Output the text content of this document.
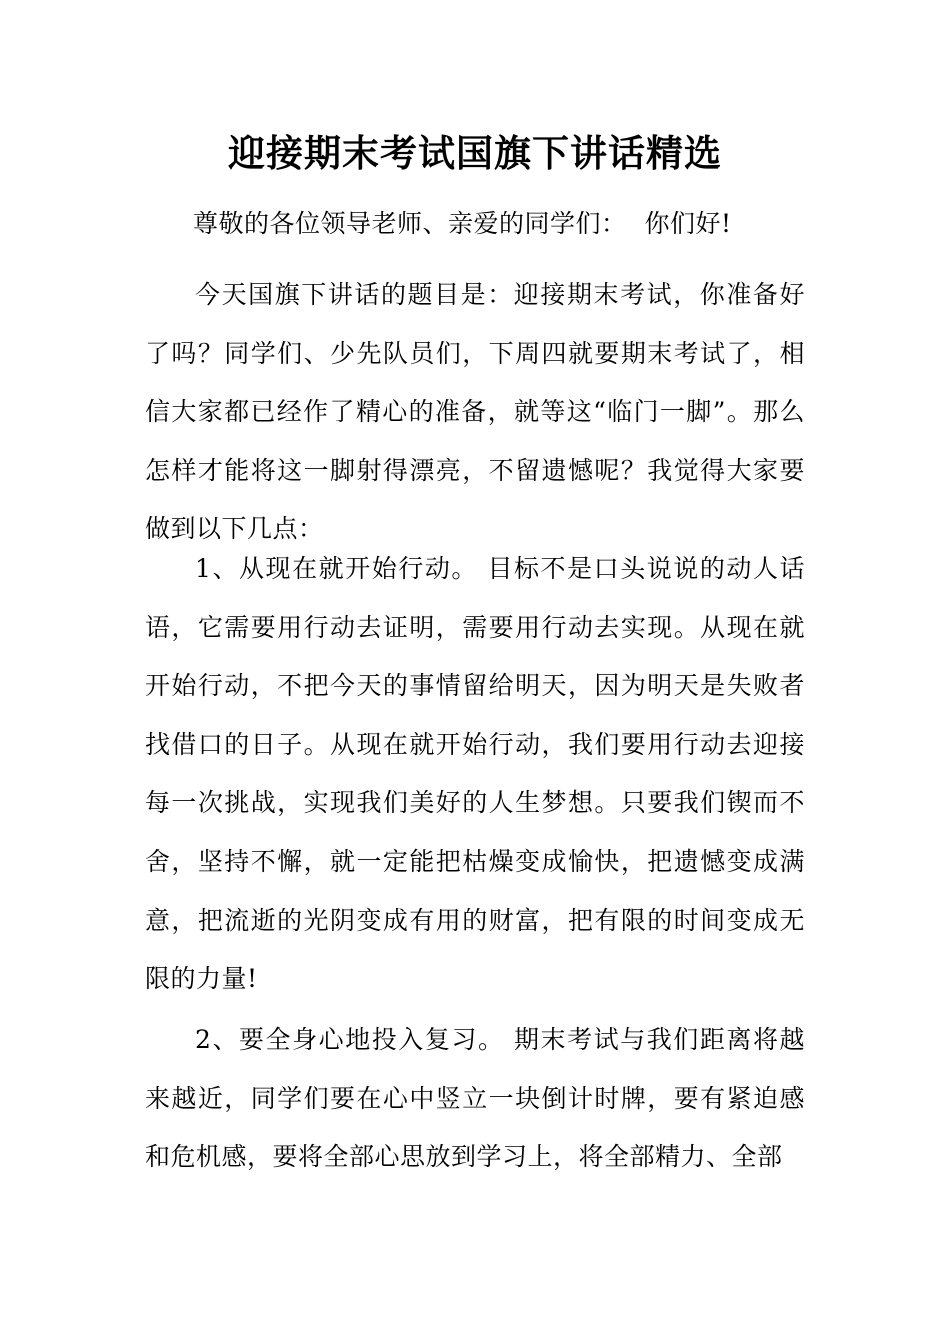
迎接期末考试国旗下讲话精选
尊敬的各位领导老师、亲爱的同学们： 你们好!

今天国旗下讲话的题目是：迎接期末考试，你准备好了吗？同学们、少先队员们，下周四就要期末考试了，相信大家都已经作了精心的准备，就等这“临门一脚”。那么怎样才能将这一脚射得漂亮，不留遗憾呢？我觉得大家要做到以下几点：

1、从现在就开始行动。 目标不是口头说说的动人话语，它需要用行动去证明，需要用行动去实现。从现在就开始行动，不把今天的事情留给明天，因为明天是失败者找借口的日子。从现在就开始行动，我们要用行动去迎接每一次挑战，实现我们美好的人生梦想。只要我们锲而不舍，坚持不懈，就一定能把枯燥变成愉快，把遗憾变成满意，把流逝的光阴变成有用的财富，把有限的时间变成无限的力量!

2、要全身心地投入复习。 期末考试与我们距离将越来越近，同学们要在心中竖立一块倒计时牌，要有紧迫感和危机感，要将全部心思放到学习上，将全部精力、全部
